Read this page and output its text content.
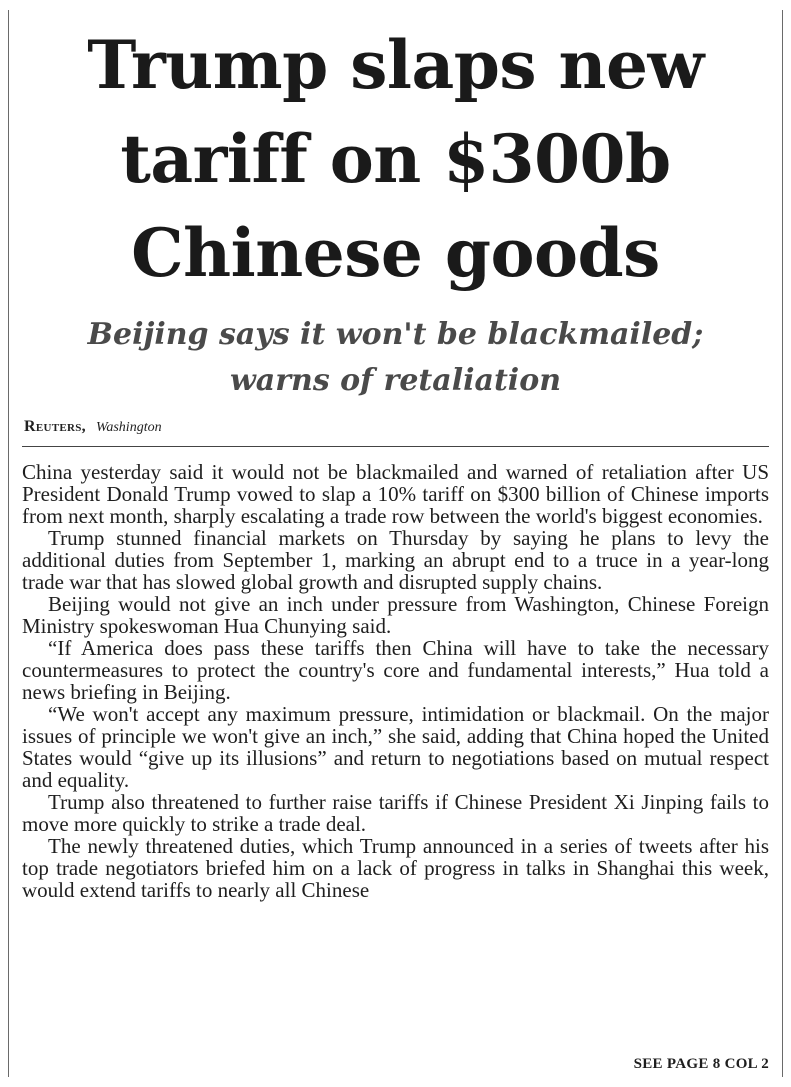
Trump slaps new
tariff on $300b
Chinese goods
Beijing says it won't be blackmailed;
warns of retaliation
Reuters, Washington

China yesterday said it would not be blackmailed and warned of retaliation after US President Donald Trump vowed to slap a 10% tariff on $300 billion of Chinese imports from next month, sharply escalating a trade row between the world's biggest economies.

Trump stunned financial markets on Thursday by saying he plans to levy the additional duties from September 1, marking an abrupt end to a truce in a year-long trade war that has slowed global growth and disrupted supply chains.

Beijing would not give an inch under pressure from Washington, Chinese Foreign Ministry spokeswoman Hua Chunying said.

“If America does pass these tariffs then China will have to take the necessary countermeasures to protect the country's core and fundamental interests,” Hua told a news briefing in Beijing.

“We won't accept any maximum pressure, intimidation or blackmail. On the major issues of principle we won't give an inch,” she said, adding that China hoped the United States would “give up its illusions” and return to negotiations based on mutual respect and equality.

Trump also threatened to further raise tariffs if Chinese President Xi Jinping fails to move more quickly to strike a trade deal.

The newly threatened duties, which Trump announced in a series of tweets after his top trade negotiators briefed him on a lack of progress in talks in Shanghai this week, would extend tariffs to nearly all Chinese

SEE PAGE 8 COL 2
